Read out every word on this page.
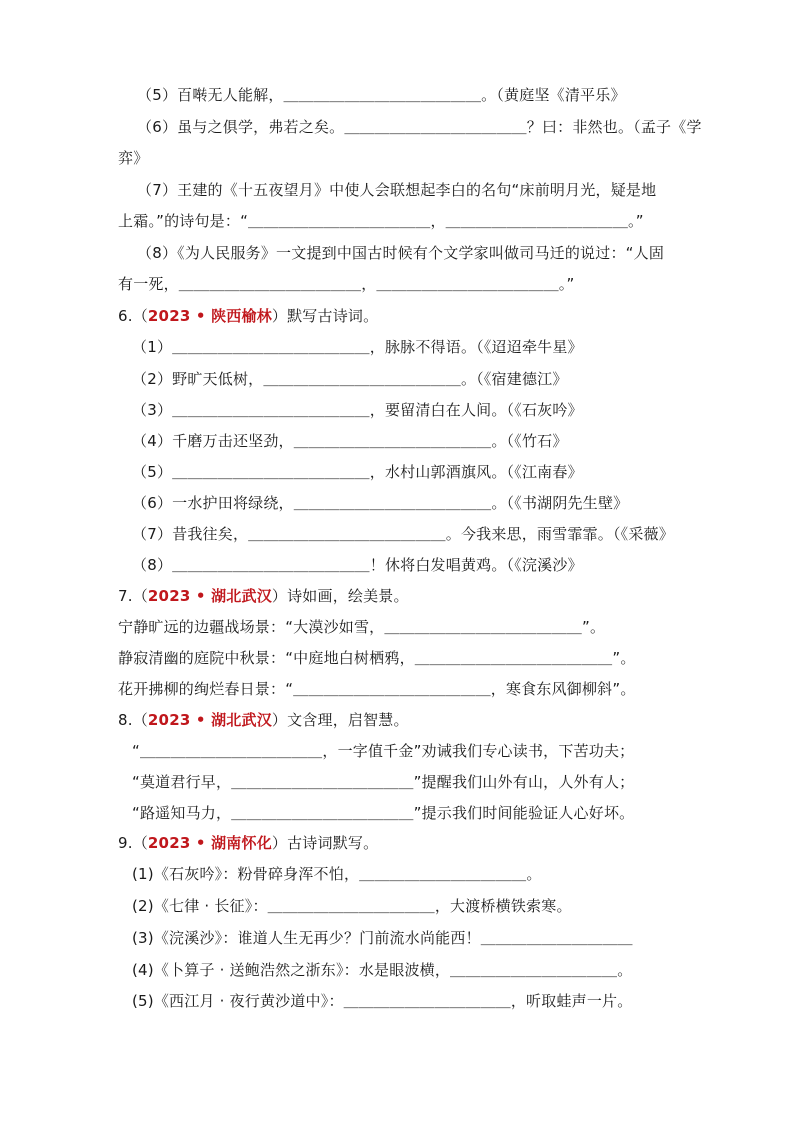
（5）百啭无人能解，＿＿＿＿＿＿＿＿＿＿＿＿＿。（黄庭坚《清平乐》
（6）虽与之俱学，弗若之矣。＿＿＿＿＿＿＿＿＿＿＿＿？曰：非然也。（孟子《学
弈》
（7）王建的《十五夜望月》中使人会联想起李白的名句“床前明月光，疑是地
上霜。”的诗句是：“＿＿＿＿＿＿＿＿＿＿＿＿，＿＿＿＿＿＿＿＿＿＿＿＿。”
（8）《为人民服务》一文提到中国古时候有个文学家叫做司马迁的说过：“人固
有一死，＿＿＿＿＿＿＿＿＿＿＿＿，＿＿＿＿＿＿＿＿＿＿＿＿。”
6.（2023 • 陕西榆林）默写古诗词。
（1）＿＿＿＿＿＿＿＿＿＿＿＿＿，脉脉不得语。（《迢迢牵牛星》
（2）野旷天低树，＿＿＿＿＿＿＿＿＿＿＿＿＿。（《宿建德江》
（3）＿＿＿＿＿＿＿＿＿＿＿＿＿，要留清白在人间。（《石灰吟》
（4）千磨万击还坚劲，＿＿＿＿＿＿＿＿＿＿＿＿＿。（《竹石》
（5）＿＿＿＿＿＿＿＿＿＿＿＿＿，水村山郭酒旗风。（《江南春》
（6）一水护田将绿绕，＿＿＿＿＿＿＿＿＿＿＿＿＿。（《书湖阴先生壁》
（7）昔我往矣，＿＿＿＿＿＿＿＿＿＿＿＿＿。今我来思，雨雪霏霏。（《采薇》
（8）＿＿＿＿＿＿＿＿＿＿＿＿＿！休将白发唱黄鸡。（《浣溪沙》
7.（2023 • 湖北武汉）诗如画，绘美景。
宁静旷远的边疆战场景：“大漠沙如雪，＿＿＿＿＿＿＿＿＿＿＿＿＿”。
静寂清幽的庭院中秋景：“中庭地白树栖鸦，＿＿＿＿＿＿＿＿＿＿＿＿＿”。
花开拂柳的绚烂春日景：“＿＿＿＿＿＿＿＿＿＿＿＿＿，寒食东风御柳斜”。
8.（2023 • 湖北武汉）文含理，启智慧。
“＿＿＿＿＿＿＿＿＿＿＿＿，一字值千金”劝诫我们专心读书，下苦功夫；
“莫道君行早，＿＿＿＿＿＿＿＿＿＿＿＿”提醒我们山外有山，人外有人；
“路遥知马力，＿＿＿＿＿＿＿＿＿＿＿＿”提示我们时间能验证人心好坏。
9.（2023 • 湖南怀化）古诗词默写。
(1)《石灰吟》：粉骨碎身浑不怕，＿＿＿＿＿＿＿＿＿＿＿。
(2)《七律 · 长征》：＿＿＿＿＿＿＿＿＿＿＿，大渡桥横铁索寒。
(3)《浣溪沙》：谁道人生无再少？门前流水尚能西！＿＿＿＿＿＿＿＿＿＿
(4)《卜算子 · 送鲍浩然之浙东》：水是眼波横，＿＿＿＿＿＿＿＿＿＿＿。
(5)《西江月 · 夜行黄沙道中》：＿＿＿＿＿＿＿＿＿＿＿，听取蛙声一片。
